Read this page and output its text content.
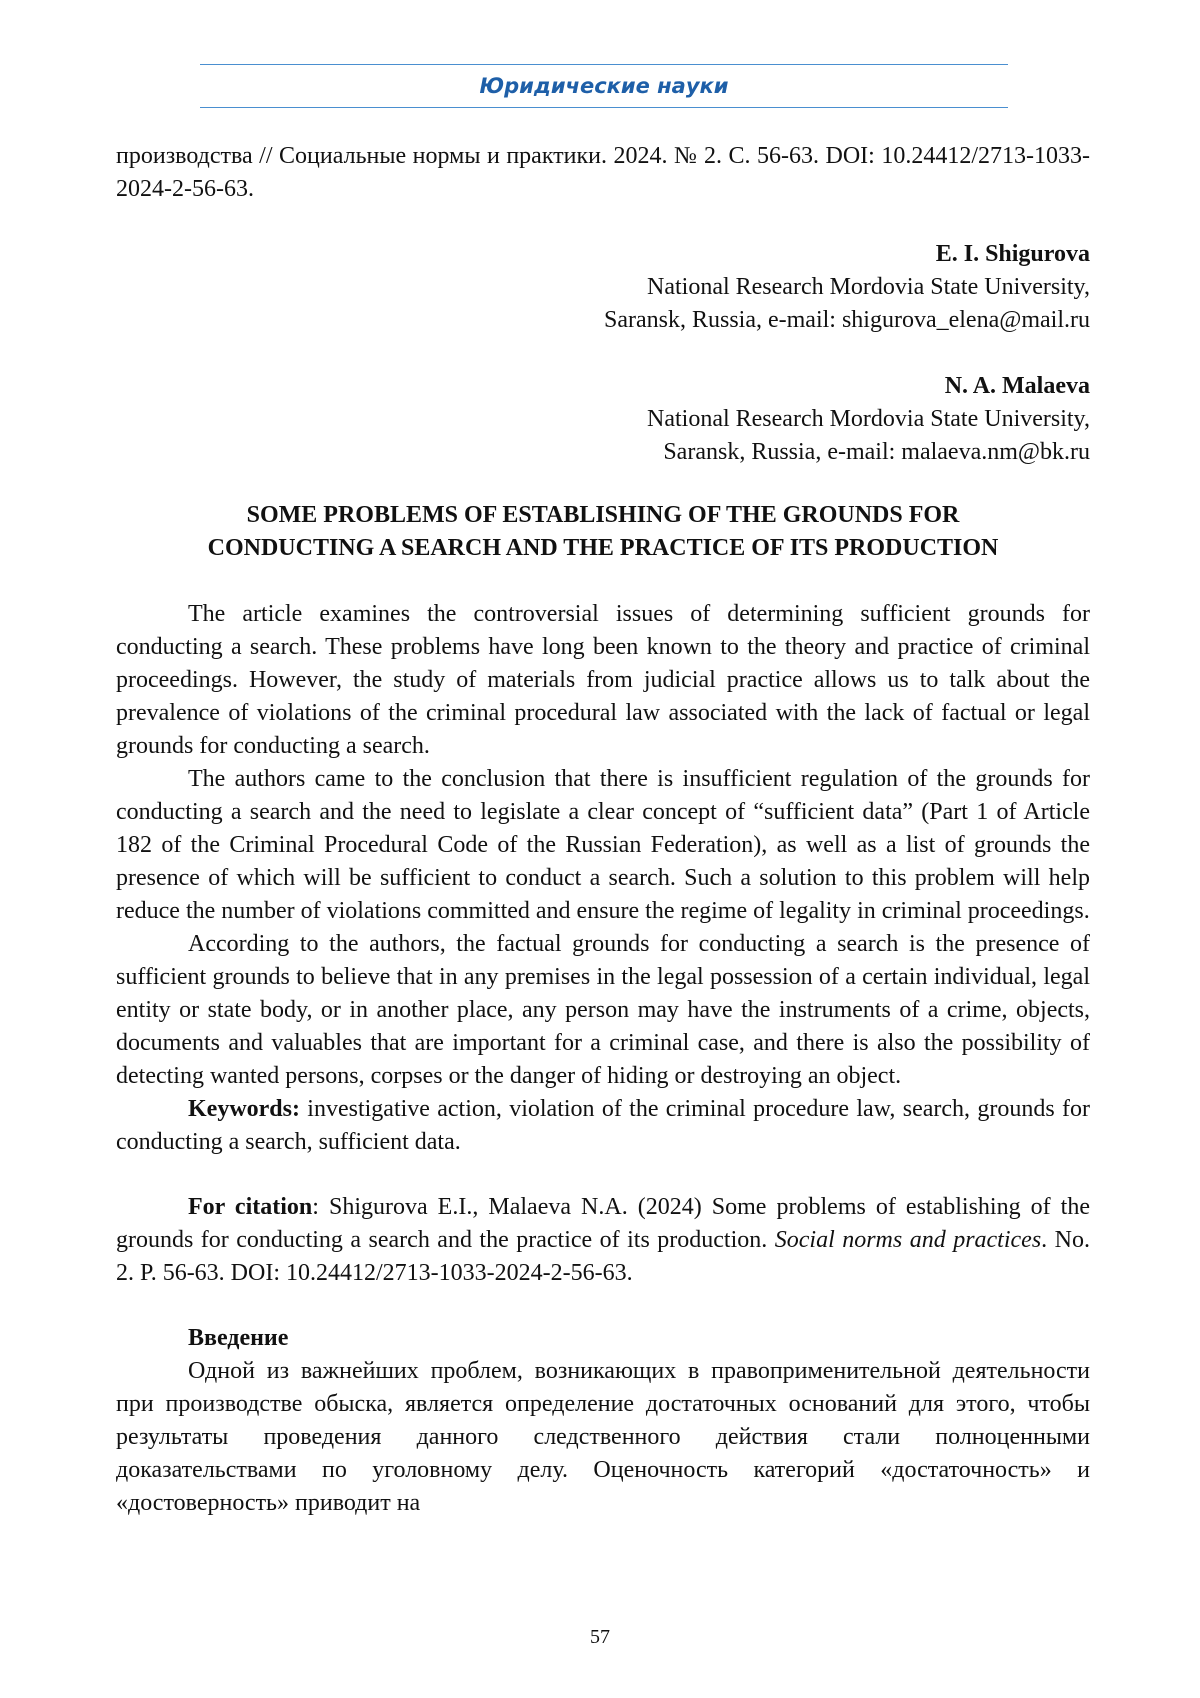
Юридические науки

производства // Социальные нормы и практики. 2024. № 2. С. 56-63. DOI: 10.24412/2713-1033-2024-2-56-63.

E. I. Shigurova

National Research Mordovia State University,

Saransk, Russia, e-mail: shigurova_elena@mail.ru

N. A. Malaeva

National Research Mordovia State University,

Saransk, Russia, e-mail: malaeva.nm@bk.ru

SOME PROBLEMS OF ESTABLISHING OF THE GROUNDS FOR
CONDUCTING A SEARCH AND THE PRACTICE OF ITS PRODUCTION

The article examines the controversial issues of determining sufficient grounds for conducting a search. These problems have long been known to the theory and practice of criminal proceedings. However, the study of materials from judicial practice allows us to talk about the prevalence of violations of the criminal procedural law associated with the lack of factual or legal grounds for conducting a search.

The authors came to the conclusion that there is insufficient regulation of the grounds for conducting a search and the need to legislate a clear concept of “sufficient data” (Part 1 of Article 182 of the Criminal Procedural Code of the Russian Federation), as well as a list of grounds the presence of which will be sufficient to conduct a search. Such a solution to this problem will help reduce the number of violations committed and ensure the regime of legality in criminal proceedings.

According to the authors, the factual grounds for conducting a search is the presence of sufficient grounds to believe that in any premises in the legal possession of a certain individual, legal entity or state body, or in another place, any person may have the instruments of a crime, objects, documents and valuables that are important for a criminal case, and there is also the possibility of detecting wanted persons, corpses or the danger of hiding or destroying an object.

Keywords: investigative action, violation of the criminal procedure law, search, grounds for conducting a search, sufficient data.

For citation: Shigurova E.I., Malaeva N.A. (2024) Some problems of establishing of the grounds for conducting a search and the practice of its production. Social norms and practices. No. 2. P. 56-63. DOI: 10.24412/2713-1033-2024-2-56-63.

Введение

Одной из важнейших проблем, возникающих в правоприменительной деятельности при производстве обыска, является определение достаточных оснований для этого, чтобы результаты проведения данного следственного действия стали полноценными доказательствами по уголовному делу. Оценочность категорий «достаточность» и «достоверность» приводит на

57
